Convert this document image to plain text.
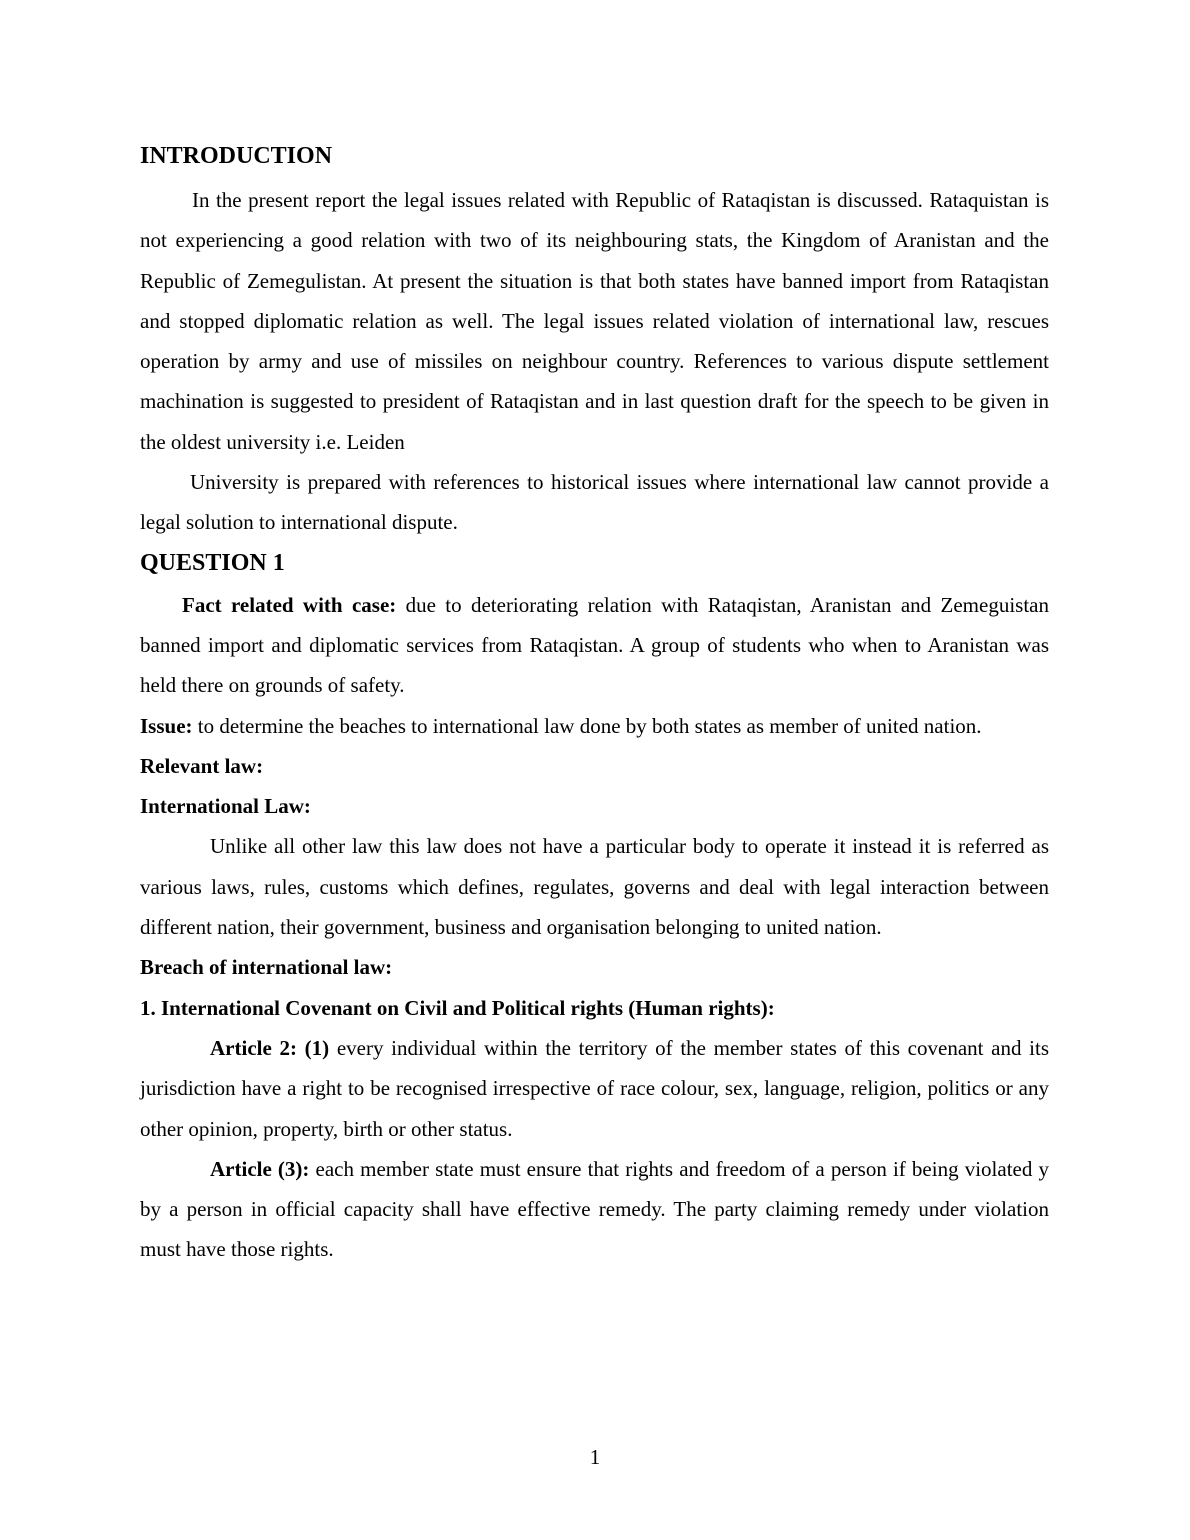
INTRODUCTION

In the present report the legal issues related with Republic of Rataqistan is discussed. Rataquistan is not experiencing a good relation with two of its neighbouring stats, the Kingdom of Aranistan and the Republic of Zemegulistan. At present the situation is that both states have banned import from Rataqistan and stopped diplomatic relation as well. The legal issues related violation of international law, rescues operation by army and use of missiles on neighbour country. References to various dispute settlement machination is suggested to president of Rataqistan and in last question draft for the speech to be given in the oldest university i.e. Leiden

University is prepared with references to historical issues where international law cannot provide a legal solution to international dispute.

QUESTION 1

Fact related with case: due to deteriorating relation with Rataqistan, Aranistan and Zemeguistan banned import and diplomatic services from Rataqistan. A group of students who when to Aranistan was held there on grounds of safety.

Issue: to determine the beaches to international law done by both states as member of united nation.

Relevant law:

International Law:

Unlike all other law this law does not have a particular body to operate it instead it is referred as various laws, rules, customs which defines, regulates, governs and deal with legal interaction between different nation, their government, business and organisation belonging to united nation.

Breach of international law:

1. International Covenant on Civil and Political rights (Human rights):

Article 2: (1) every individual within the territory of the member states of this covenant and its jurisdiction have a right to be recognised irrespective of race colour, sex, language, religion, politics or any other opinion, property, birth or other status.

Article (3): each member state must ensure that rights and freedom of a person if being violated y by a person in official capacity shall have effective remedy. The party claiming remedy under violation must have those rights.

1
